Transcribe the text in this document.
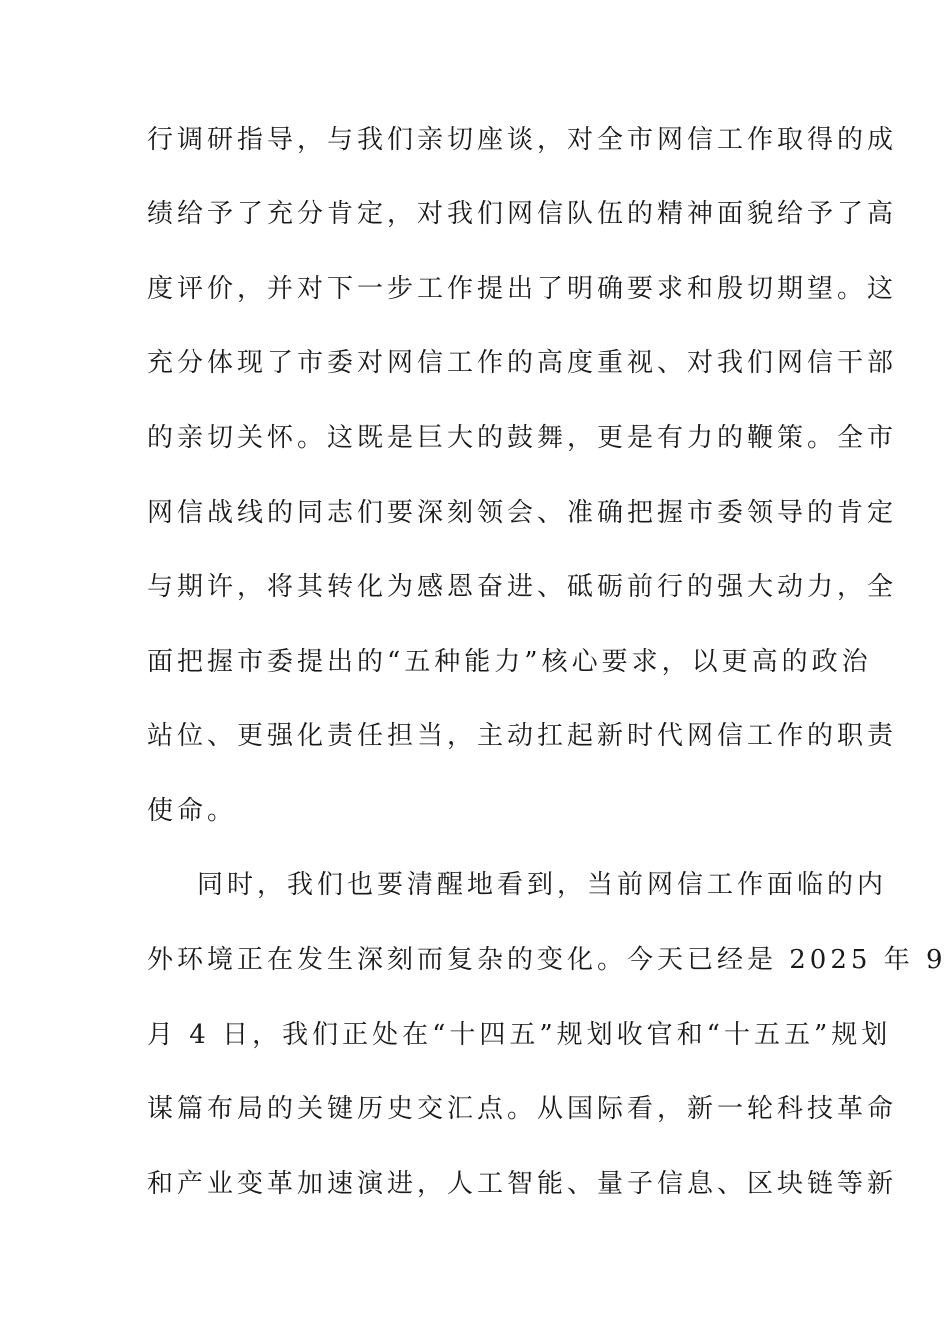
行调研指导，与我们亲切座谈，对全市网信工作取得的成
绩给予了充分肯定，对我们网信队伍的精神面貌给予了高
度评价，并对下一步工作提出了明确要求和殷切期望。这
充分体现了市委对网信工作的高度重视、对我们网信干部
的亲切关怀。这既是巨大的鼓舞，更是有力的鞭策。全市
网信战线的同志们要深刻领会、准确把握市委领导的肯定
与期许，将其转化为感恩奋进、砥砺前行的强大动力，全
面把握市委提出的“五种能力”核心要求，以更高的政治
站位、更强化责任担当，主动扛起新时代网信工作的职责
使命。
同时，我们也要清醒地看到，当前网信工作面临的内
外环境正在发生深刻而复杂的变化。今天已经是 2025 年 9
月 4 日，我们正处在“十四五”规划收官和“十五五”规划
谋篇布局的关键历史交汇点。从国际看，新一轮科技革命
和产业变革加速演进，人工智能、量子信息、区块链等新
